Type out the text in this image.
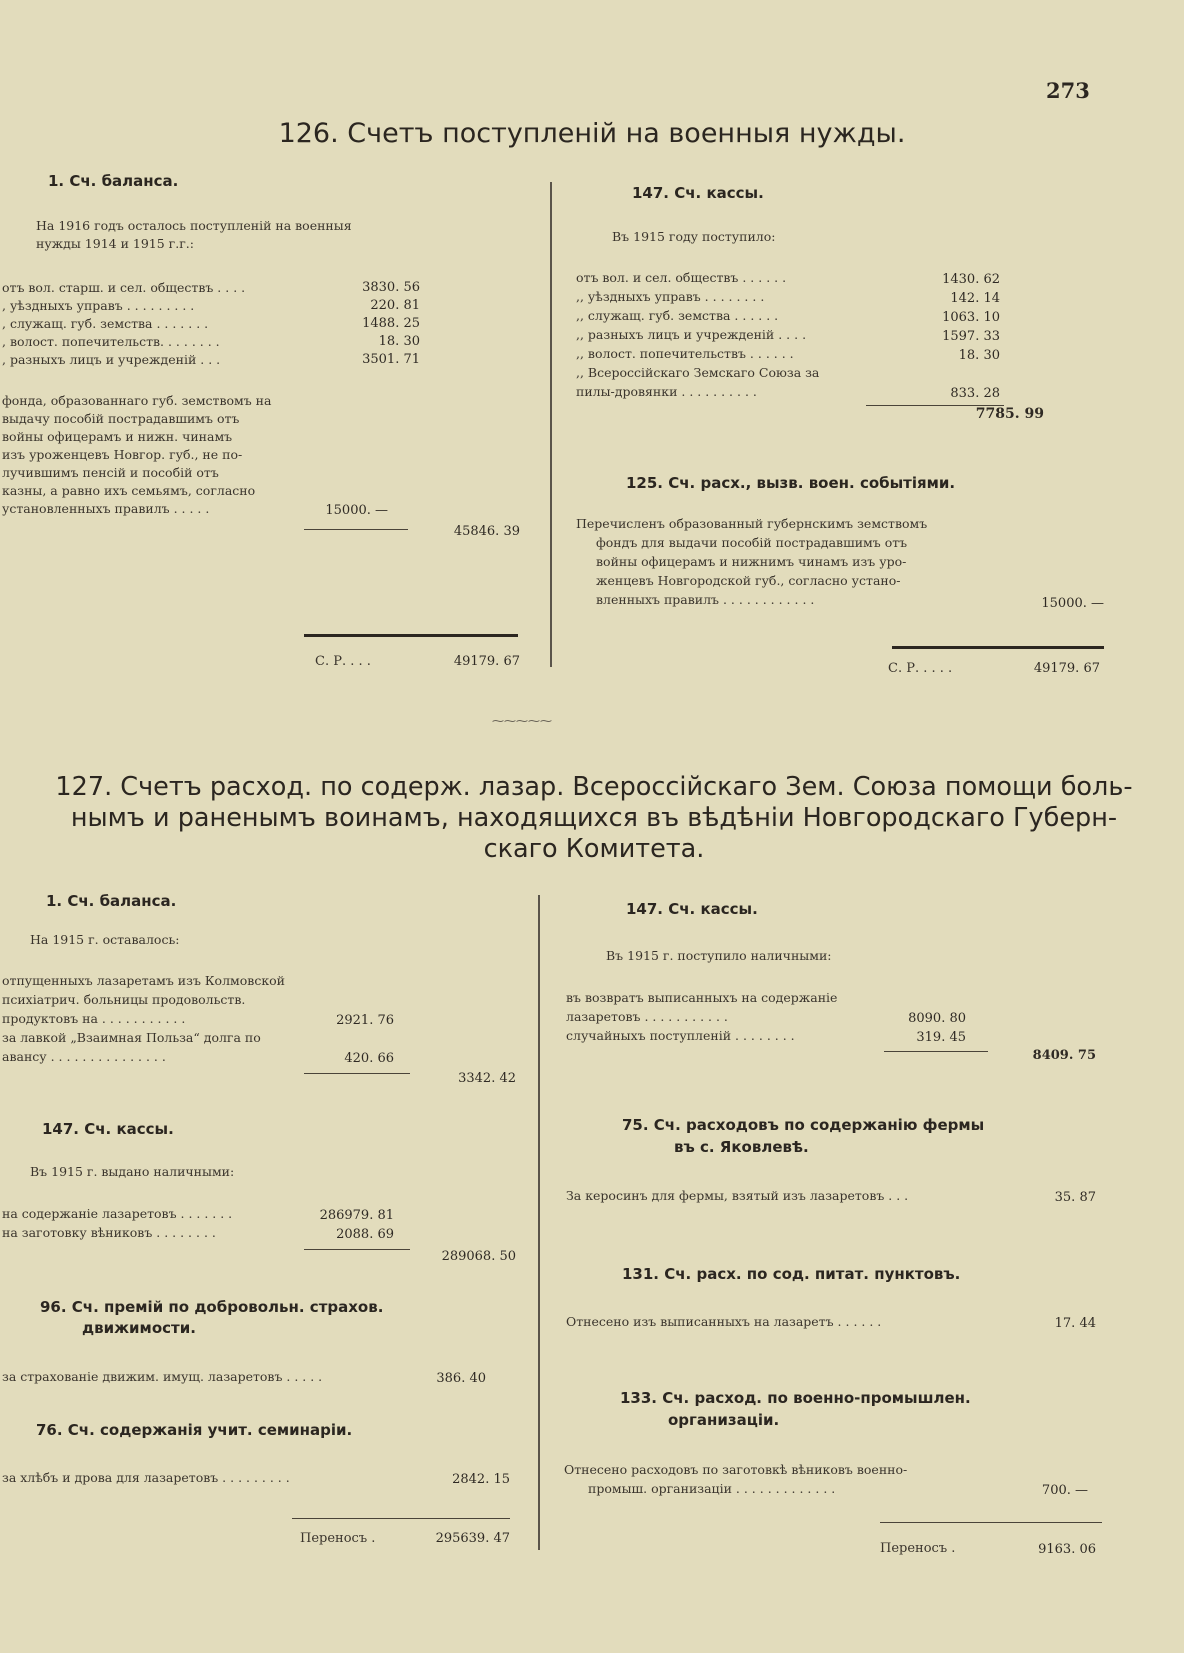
273
126. Счетъ поступленій на военныя нужды.
1. Сч. баланса.
На 1916 годъ осталось поступленій на военныя
нужды 1914 и 1915 г.г.:
отъ вол. старш. и сел. обществъ . . . .	3830. 56
, уѣздныхъ управъ . . . . . . . . .	220. 81
, служащ. губ. земства . . . . . . .	1488. 25
, волост. попечительств. . . . . . . .	18. 30
, разныхъ лицъ и учрежденій . . .	3501. 71
фонда, образованнаго губ. земствомъ на
выдачу пособій пострадавшимъ отъ
войны офицерамъ и нижн. чинамъ
изъ уроженцевъ Новгор. губ., не по-
лучившимъ пенсій и пособій отъ
казны, а равно ихъ семьямъ, согласно
установленныхъ правилъ . . . . .	15000. —
45846. 39
С. Р. . . .	49179. 67
147. Сч. кассы.
Въ 1915 году поступило:
отъ вол. и сел. обществъ . . . . . .	1430. 62
,, уѣздныхъ управъ . . . . . . . .	142. 14
,, служащ. губ. земства . . . . . .	1063. 10
,, разныхъ лицъ и учрежденій . . . .	1597. 33
,, волост. попечительствъ . . . . . .	18. 30
,, Всероссійскаго Земскаго Союза за
пилы-дровянки . . . . . . . . . .	833. 28
7785. 99
125. Сч. расх., вызв. воен. событіями.
Перечисленъ образованный губернскимъ земствомъ
фондъ для выдачи пособій пострадавшимъ отъ
войны офицерамъ и нижнимъ чинамъ изъ уро-
женцевъ Новгородской губ., согласно устано-
вленныхъ правилъ . . . . . . . . . . . .	15000. —
С. Р. . . . .	49179. 67
⁓⁓⁓⁓⁓
127. Счетъ расход. по содерж. лазар. Всероссійскаго Зем. Союза помощи боль-
нымъ и раненымъ воинамъ, находящихся въ вѣдѣніи Новгородскаго Губерн-
скаго Комитета.
1. Сч. баланса.
На 1915 г. оставалось:
отпущенныхъ лазаретамъ изъ Колмовской
психіатрич. больницы продовольств.
продуктовъ на . . . . . . . . . . .	2921. 76
за лавкой „Взаимная Польза“ долга по
авансу . . . . . . . . . . . . . . .	420. 66
3342. 42
147. Сч. кассы.
Въ 1915 г. выдано наличными:
на содержаніе лазаретовъ . . . . . . .	286979. 81
на заготовку вѣниковъ . . . . . . . .	2088. 69
289068. 50
96. Сч. премій по добровольн. страхов.
движимости.
за страхованіе движим. имущ. лазаретовъ . . . . .	386. 40
76. Сч. содержанія учит. семинаріи.
за хлѣбъ и дрова для лазаретовъ . . . . . . . . .	2842. 15
Переносъ .	295639. 47
147. Сч. кассы.
Въ 1915 г. поступило наличными:
въ возвратъ выписанныхъ на содержаніе
лазаретовъ . . . . . . . . . . .	8090. 80
случайныхъ поступленій . . . . . . . .	319. 45
8409. 75
75. Сч. расходовъ по содержанію фермы
въ с. Яковлевѣ.
За керосинъ для фермы, взятый изъ лазаретовъ . . .	35. 87
131. Сч. расх. по сод. питат. пунктовъ.
Отнесено изъ выписанныхъ на лазаретъ . . . . . .	17. 44
133. Сч. расход. по военно-промышлен.
организаціи.
Отнесено расходовъ по заготовкѣ вѣниковъ военно-
промыш. организаціи . . . . . . . . . . . . .	700. —
Переносъ .	9163. 06
